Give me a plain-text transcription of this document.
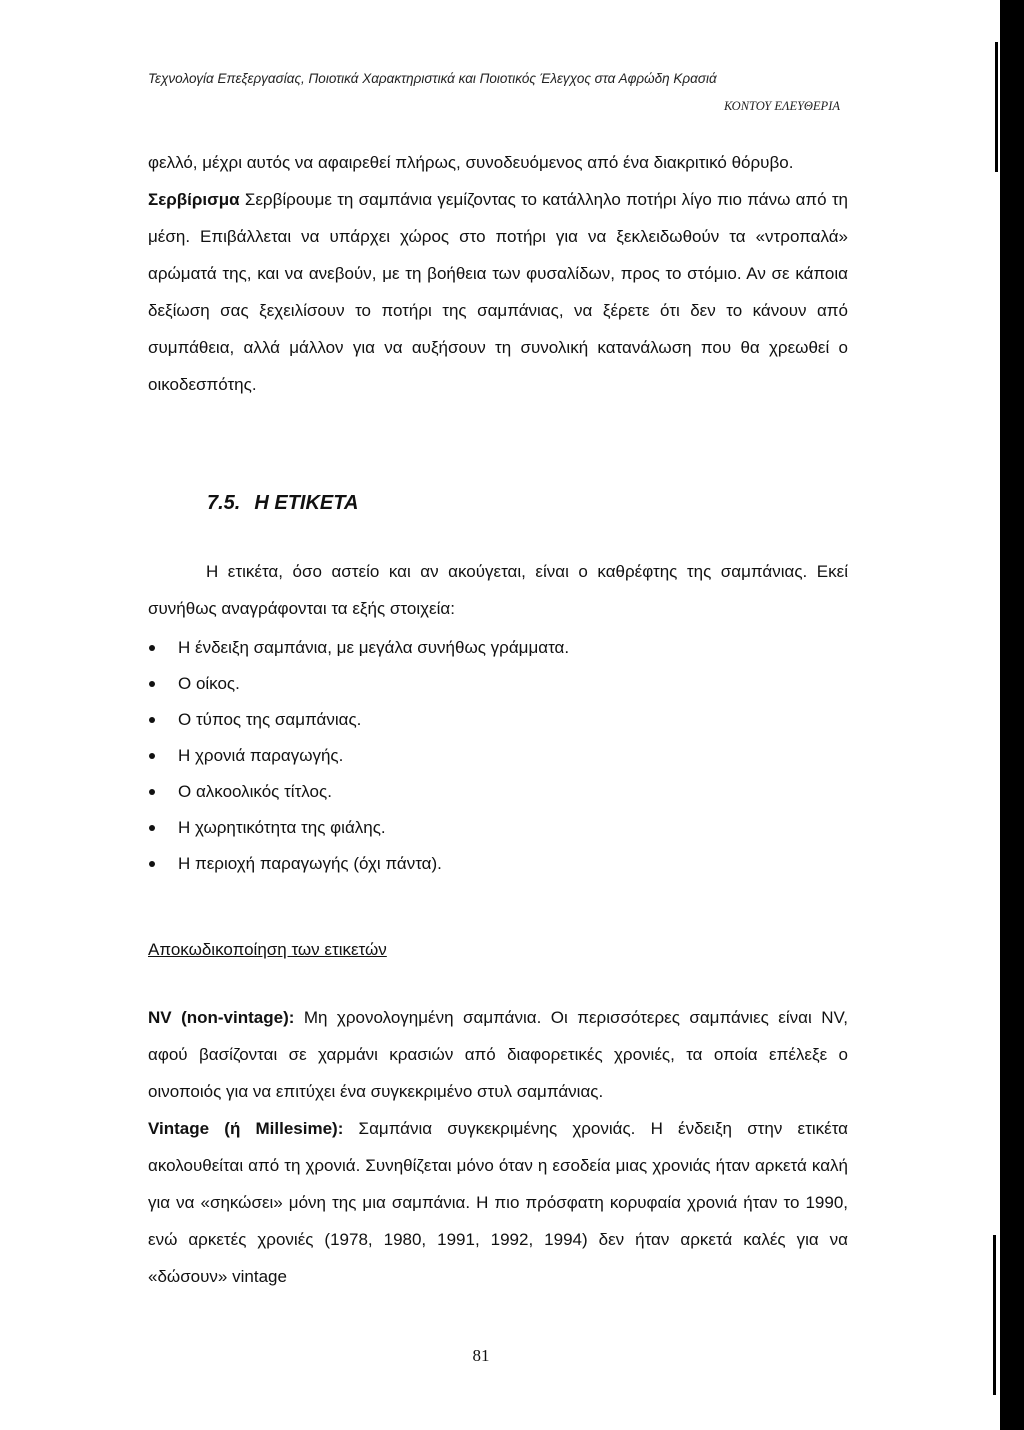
Τεχνολογία Επεξεργασίας, Ποιοτικά Χαρακτηριστικά και Ποιοτικός Έλεγχος στα Αφρώδη Κρασιά
ΚΟΝΤΟΥ ΕΛΕΥΘΕΡΙΑ

φελλό, μέχρι αυτός να αφαιρεθεί πλήρως, συνοδευόμενος από ένα διακριτικό θόρυβο.

Σερβίρισμα Σερβίρουμε τη σαμπάνια γεμίζοντας το κατάλληλο ποτήρι λίγο πιο πάνω από τη μέση. Επιβάλλεται να υπάρχει χώρος στο ποτήρι για να ξεκλειδωθούν τα «ντροπαλά» αρώματά της, και να ανεβούν, με τη βοήθεια των φυσαλίδων, προς το στόμιο. Αν σε κάποια δεξίωση σας ξεχειλίσουν το ποτήρι της σαμπάνιας, να ξέρετε ότι δεν το κάνουν από συμπάθεια, αλλά μάλλον για να αυξήσουν τη συνολική κατανάλωση που θα χρεωθεί ο οικοδεσπότης.

7.5. Η ΕΤΙΚΕΤΑ

Η ετικέτα, όσο αστείο και αν ακούγεται, είναι ο καθρέφτης της σαμπάνιας. Εκεί συνήθως αναγράφονται τα εξής στοιχεία:

Η ένδειξη σαμπάνια, με μεγάλα συνήθως γράμματα.
Ο οίκος.
Ο τύπος της σαμπάνιας.
Η χρονιά παραγωγής.
Ο αλκοολικός τίτλος.
Η χωρητικότητα της φιάλης.
Η περιοχή παραγωγής (όχι πάντα).
Αποκωδικοποίηση των ετικετών

NV (non-vintage): Μη χρονολογημένη σαμπάνια. Οι περισσότερες σαμπάνιες είναι NV, αφού βασίζονται σε χαρμάνι κρασιών από διαφορετικές χρονιές, τα οποία επέλεξε ο οινοποιός για να επιτύχει ένα συγκεκριμένο στυλ σαμπάνιας.

Vintage (ή Millesime): Σαμπάνια συγκεκριμένης χρονιάς. Η ένδειξη στην ετικέτα ακολουθείται από τη χρονιά. Συνηθίζεται μόνο όταν η εσοδεία μιας χρονιάς ήταν αρκετά καλή για να «σηκώσει» μόνη της μια σαμπάνια. Η πιο πρόσφατη κορυφαία χρονιά ήταν το 1990, ενώ αρκετές χρονιές (1978, 1980, 1991, 1992, 1994) δεν ήταν αρκετά καλές για να «δώσουν» vintage

81
